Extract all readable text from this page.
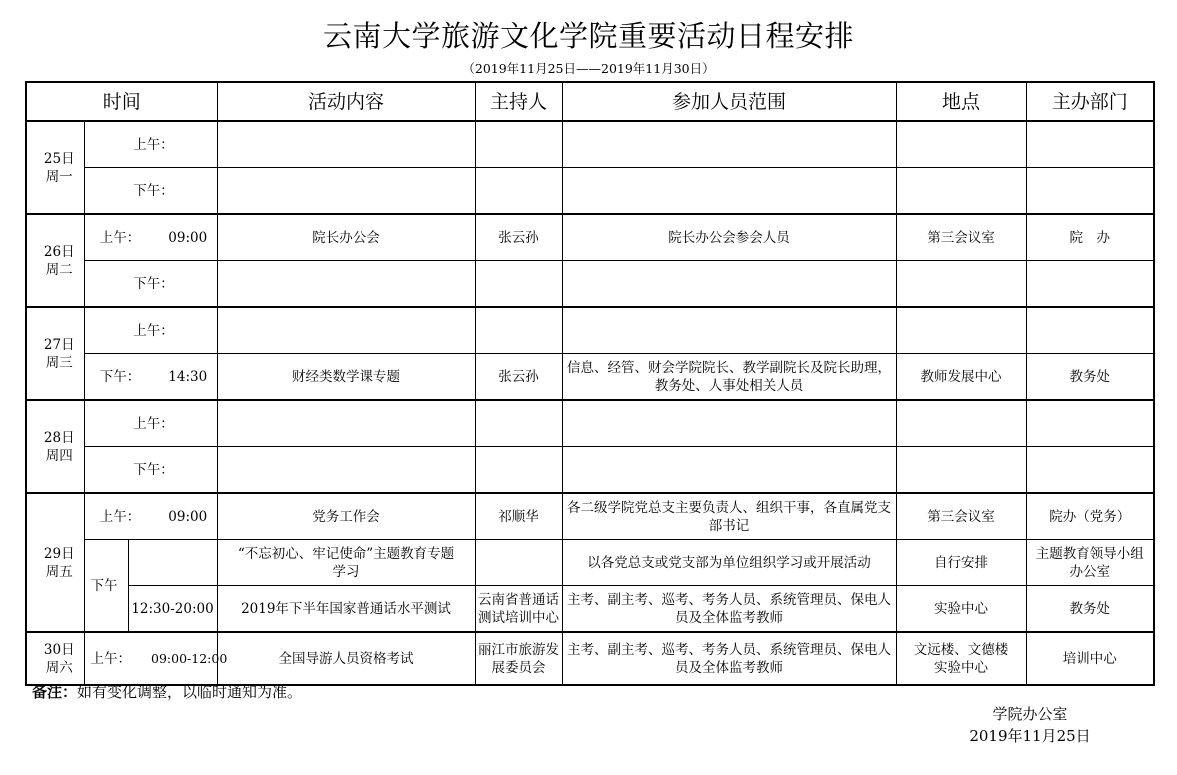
云南大学旅游文化学院重要活动日程安排
（2019年11月25日——2019年11月30日）
时间			活动内容	主持人	参加人员范围	地点	主办部门
25日
周一	上午：						
	下午：						
26日
周二	上午： 09:00		院长办公会	张云孙	院长办公会参会人员	第三会议室	院　办
	下午：						
27日
周三	上午：						
	下午： 14:30		财经类数学课专题	张云孙	信息、经管、财会学院院长、教学副院长及院长助理，教务处、人事处相关人员	教师发展中心	教务处
28日
周四	上午：						
	下午：						
29日
周五	上午： 09:00		党务工作会	祁顺华	各二级学院党总支主要负责人、组织干事，各直属党支部书记	第三会议室	院办（党务）
	下午		“不忘初心、牢记使命”主题教育专题学习		以各党总支或党支部为单位组织学习或开展活动	自行安排	主题教育领导小组办公室
		12:30-20:00	2019年下半年国家普通话水平测试	云南省普通话测试培训中心	主考、副主考、巡考、考务人员、系统管理员、保电人员及全体监考教师	实验中心	教务处
30日
周六	上午： 09:00-12:00		全国导游人员资格考试	丽江市旅游发展委员会	主考、副主考、巡考、考务人员、系统管理员、保电人员及全体监考教师	文远楼、文德楼实验中心	培训中心
备注：如有变化调整，以临时通知为准。
学院办公室
2019年11月25日
